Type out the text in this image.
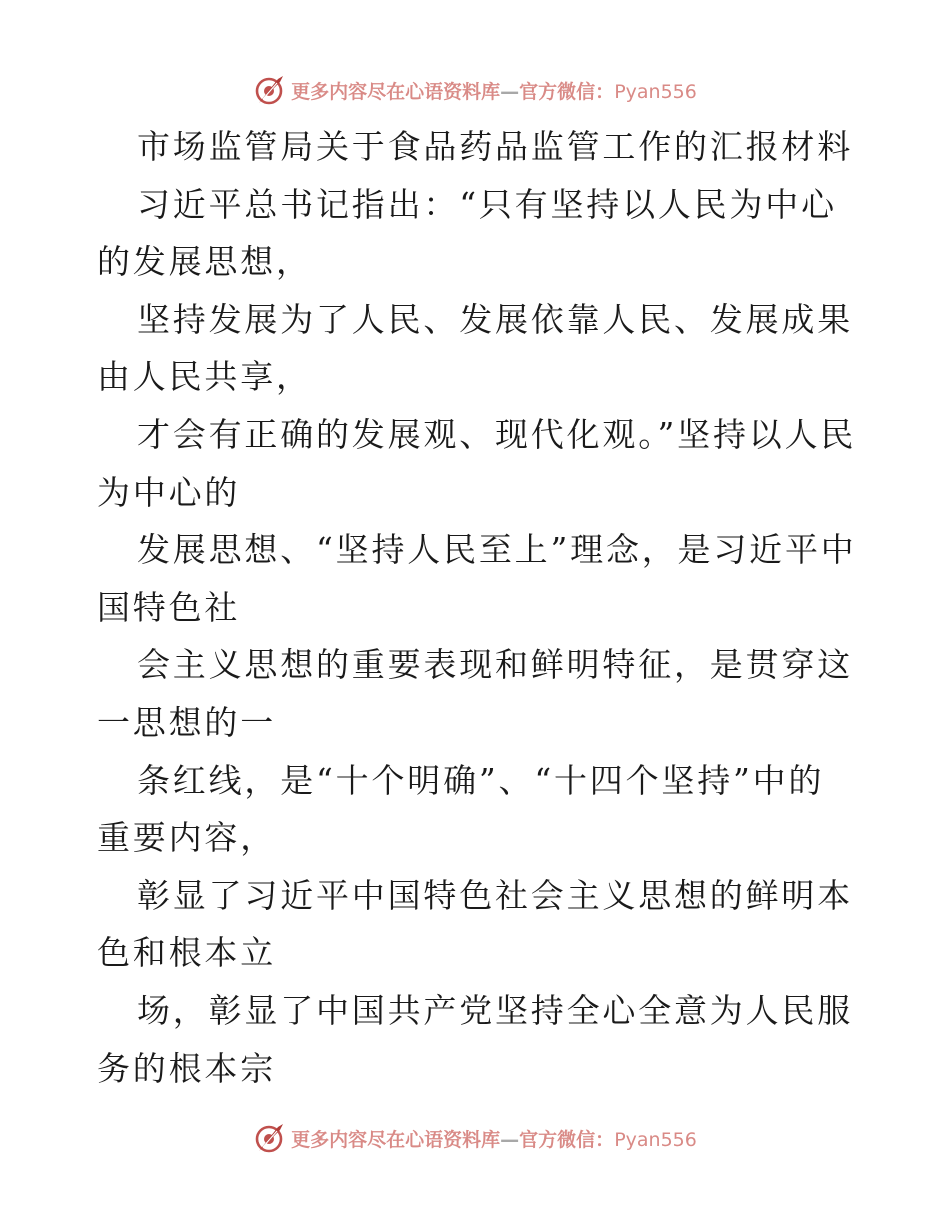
更多内容尽在心语资料库—官方微信：Pyan556
市场监管局关于食品药品监管工作的汇报材料
习近平总书记指出：“只有坚持以人民为中心的发展思想，
坚持发展为了人民、发展依靠人民、发展成果由人民共享，
才会有正确的发展观、现代化观。”坚持以人民为中心的
发展思想、“坚持人民至上”理念，是习近平中国特色社
会主义思想的重要表现和鲜明特征，是贯穿这一思想的一
条红线，是“十个明确”、“十四个坚持”中的重要内容，
彰显了习近平中国特色社会主义思想的鲜明本色和根本立
场，彰显了中国共产党坚持全心全意为人民服务的根本宗
更多内容尽在心语资料库—官方微信：Pyan556
